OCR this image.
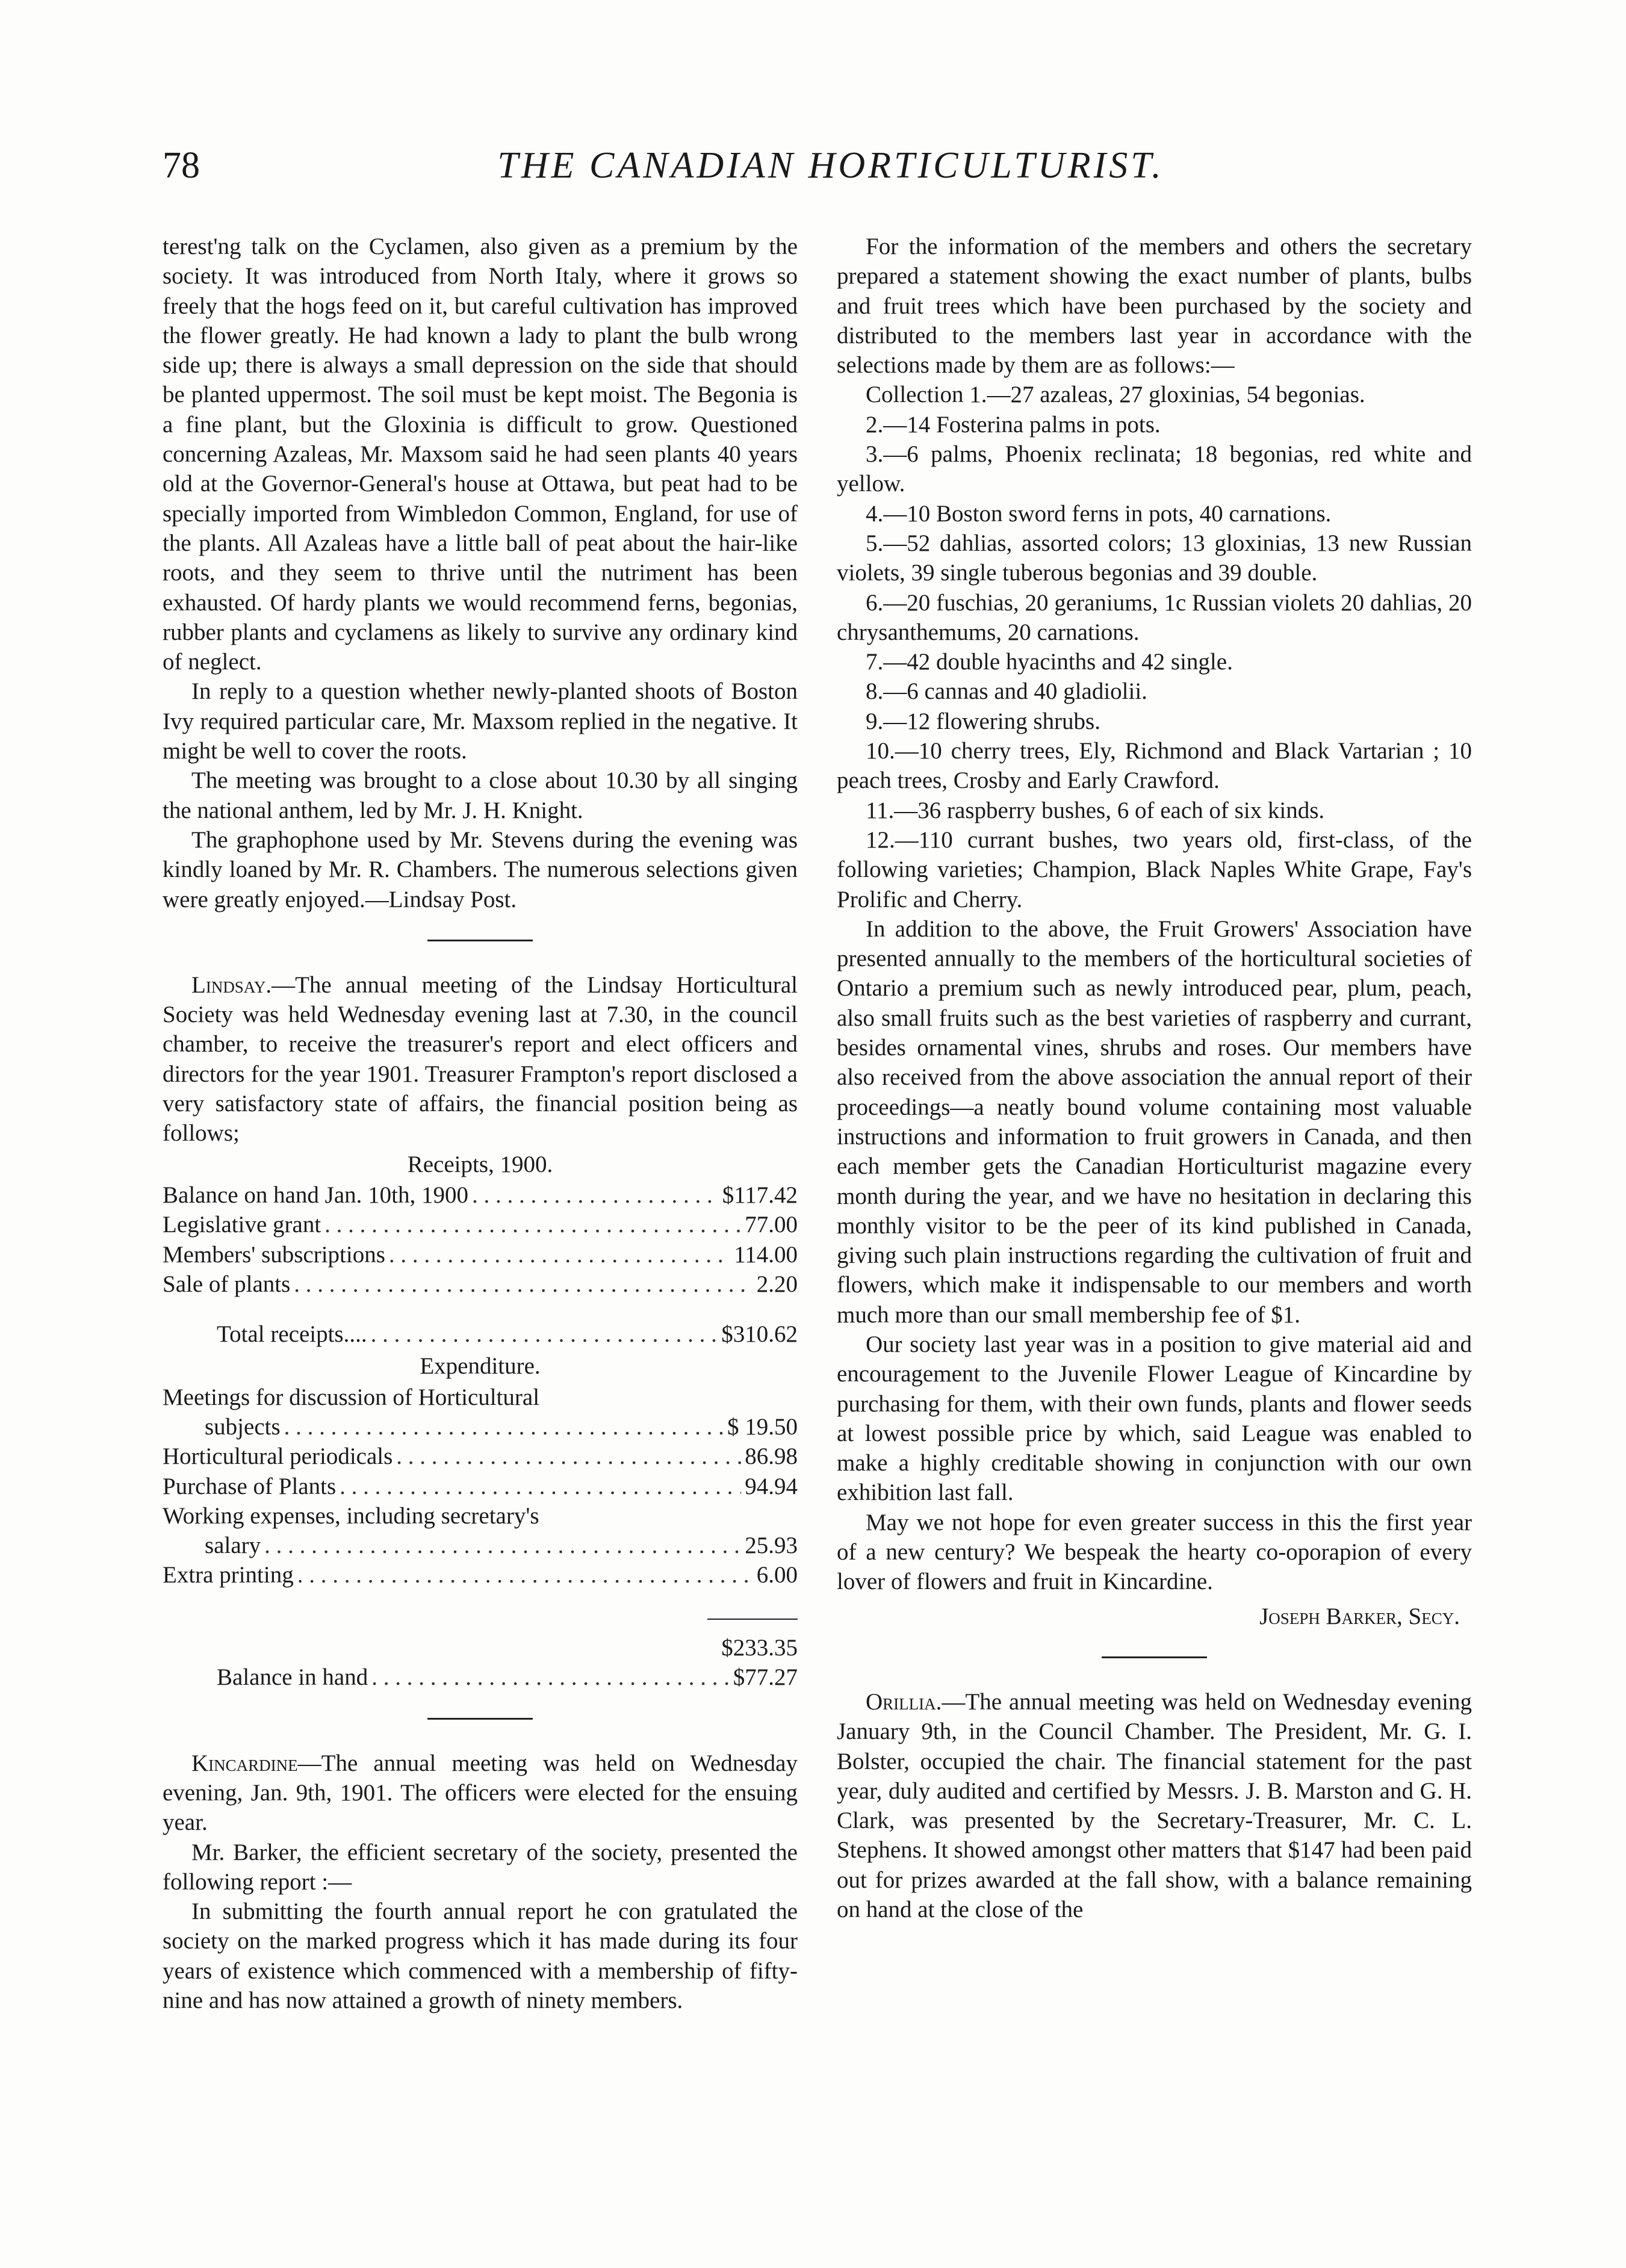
78	THE CANADIAN HORTICULTURIST.

terest'ng talk on the Cyclamen, also given as a premium by the society. It was introduced from North Italy, where it grows so freely that the hogs feed on it, but careful cultivation has improved the flower greatly. He had known a lady to plant the bulb wrong side up; there is always a small depression on the side that should be planted uppermost. The soil must be kept moist. The Begonia is a fine plant, but the Gloxinia is difficult to grow. Questioned concerning Azaleas, Mr. Maxsom said he had seen plants 40 years old at the Governor-General's house at Ottawa, but peat had to be specially imported from Wimbledon Common, England, for use of the plants. All Azaleas have a little ball of peat about the hair-like roots, and they seem to thrive until the nutriment has been exhausted. Of hardy plants we would recommend ferns, begonias, rubber plants and cyclamens as likely to survive any ordinary kind of neglect.

In reply to a question whether newly-planted shoots of Boston Ivy required particular care, Mr. Maxsom replied in the negative. It might be well to cover the roots.

The meeting was brought to a close about 10.30 by all singing the national anthem, led by Mr. J. H. Knight.

The graphophone used by Mr. Stevens during the evening was kindly loaned by Mr. R. Chambers. The numerous selections given were greatly enjoyed.—Lindsay Post.

Lindsay.—The annual meeting of the Lindsay Horticultural Society was held Wednesday evening last at 7.30, in the council chamber, to receive the treasurer's report and elect officers and directors for the year 1901. Treasurer Frampton's report disclosed a very satisfactory state of affairs, the financial position being as follows;

Receipts, 1900.
Balance on hand Jan. 10th, 1900 . . .	$117.42
Legislative grant . . .	77.00
Members' subscriptions . . .	114.00
Sale of plants . . .	2.20
Total receipts.... . . .	$310.62
Expenditure.
Meetings for discussion of Horticultural
subjects . . .	$ 19.50
Horticultural periodicals . . .	86.98
Purchase of Plants . . .	94.94
Working expenses, including secretary's
salary . . .	25.93
Extra printing . . .	6.00

$233.35
Balance in hand . . .	$77.27

Kincardine—The annual meeting was held on Wednesday evening, Jan. 9th, 1901. The officers were elected for the ensuing year.

Mr. Barker, the efficient secretary of the society, presented the following report :—

In submitting the fourth annual report he con gratulated the society on the marked progress which it has made during its four years of existence which commenced with a membership of fifty-nine and has now attained a growth of ninety members.

For the information of the members and others the secretary prepared a statement showing the exact number of plants, bulbs and fruit trees which have been purchased by the society and distributed to the members last year in accordance with the selections made by them are as follows:—

Collection 1.—27 azaleas, 27 gloxinias, 54 begonias.

2.—14 Fosterina palms in pots.

3.—6 palms, Phoenix reclinata; 18 begonias, red white and yellow.

4.—10 Boston sword ferns in pots, 40 carnations.

5.—52 dahlias, assorted colors; 13 gloxinias, 13 new Russian violets, 39 single tuberous begonias and 39 double.

6.—20 fuschias, 20 geraniums, 1c Russian violets 20 dahlias, 20 chrysanthemums, 20 carnations.

7.—42 double hyacinths and 42 single.

8.—6 cannas and 40 gladiolii.

9.—12 flowering shrubs.

10.—10 cherry trees, Ely, Richmond and Black Vartarian ; 10 peach trees, Crosby and Early Crawford.

11.—36 raspberry bushes, 6 of each of six kinds.

12.—110 currant bushes, two years old, first-class, of the following varieties; Champion, Black Naples White Grape, Fay's Prolific and Cherry.

In addition to the above, the Fruit Growers' Association have presented annually to the members of the horticultural societies of Ontario a premium such as newly introduced pear, plum, peach, also small fruits such as the best varieties of raspberry and currant, besides ornamental vines, shrubs and roses. Our members have also received from the above association the annual report of their proceedings—a neatly bound volume containing most valuable instructions and information to fruit growers in Canada, and then each member gets the Canadian Horticulturist magazine every month during the year, and we have no hesitation in declaring this monthly visitor to be the peer of its kind published in Canada, giving such plain instructions regarding the cultivation of fruit and flowers, which make it indispensable to our members and worth much more than our small membership fee of $1.

Our society last year was in a position to give material aid and encouragement to the Juvenile Flower League of Kincardine by purchasing for them, with their own funds, plants and flower seeds at lowest possible price by which, said League was enabled to make a highly creditable showing in conjunction with our own exhibition last fall.

May we not hope for even greater success in this the first year of a new century? We bespeak the hearty co-oporapion of every lover of flowers and fruit in Kincardine.

Joseph Barker, Secy.

Orillia.—The annual meeting was held on Wednesday evening January 9th, in the Council Chamber. The President, Mr. G. I. Bolster, occupied the chair. The financial statement for the past year, duly audited and certified by Messrs. J. B. Marston and G. H. Clark, was presented by the Secretary-Treasurer, Mr. C. L. Stephens. It showed amongst other matters that $147 had been paid out for prizes awarded at the fall show, with a balance remaining on hand at the close of the
